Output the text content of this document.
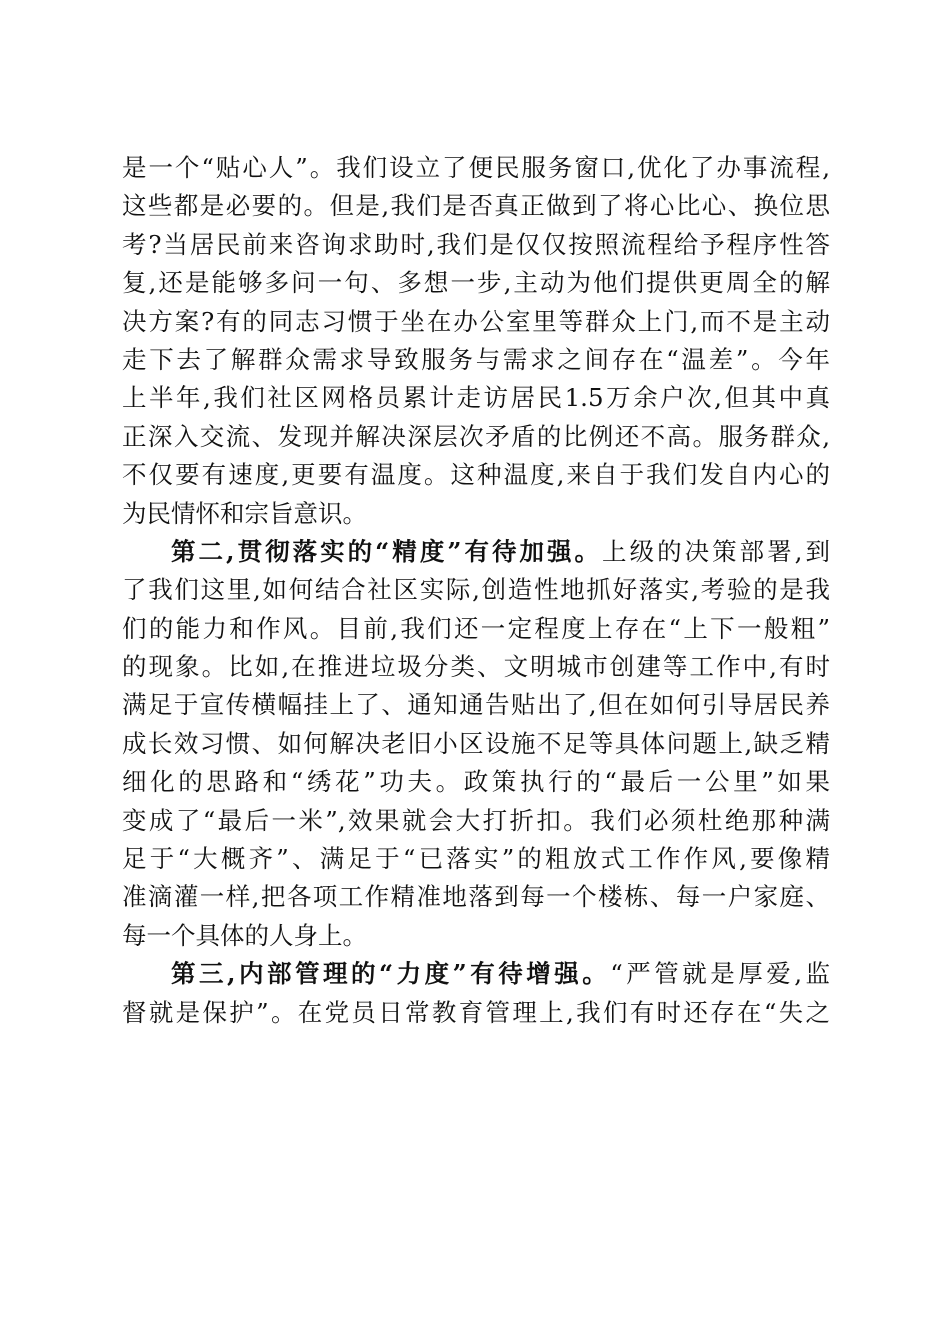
是一个“贴心人”。我们设立了便民服务窗口,优化了办事流程,
这些都是必要的。但是,我们是否真正做到了将心比心、换位思
考?当居民前来咨询求助时,我们是仅仅按照流程给予程序性答
复,还是能够多问一句、多想一步,主动为他们提供更周全的解
决方案?有的同志习惯于坐在办公室里等群众上门,而不是主动
走下去了解群众需求导致服务与需求之间存在“温差”。今年
上半年,我们社区网格员累计走访居民1.5万余户次,但其中真
正深入交流、发现并解决深层次矛盾的比例还不高。服务群众,
不仅要有速度,更要有温度。这种温度,来自于我们发自内心的
为民情怀和宗旨意识。
第二,贯彻落实的“精度”有待加强。上级的决策部署,到
了我们这里,如何结合社区实际,创造性地抓好落实,考验的是我
们的能力和作风。目前,我们还一定程度上存在“上下一般粗”
的现象。比如,在推进垃圾分类、文明城市创建等工作中,有时
满足于宣传横幅挂上了、通知通告贴出了,但在如何引导居民养
成长效习惯、如何解决老旧小区设施不足等具体问题上,缺乏精
细化的思路和“绣花”功夫。政策执行的“最后一公里”如果
变成了“最后一米”,效果就会大打折扣。我们必须杜绝那种满
足于“大概齐”、满足于“已落实”的粗放式工作作风,要像精
准滴灌一样,把各项工作精准地落到每一个楼栋、每一户家庭、
每一个具体的人身上。
第三,内部管理的“力度”有待增强。“严管就是厚爱,监
督就是保护”。在党员日常教育管理上,我们有时还存在“失之
